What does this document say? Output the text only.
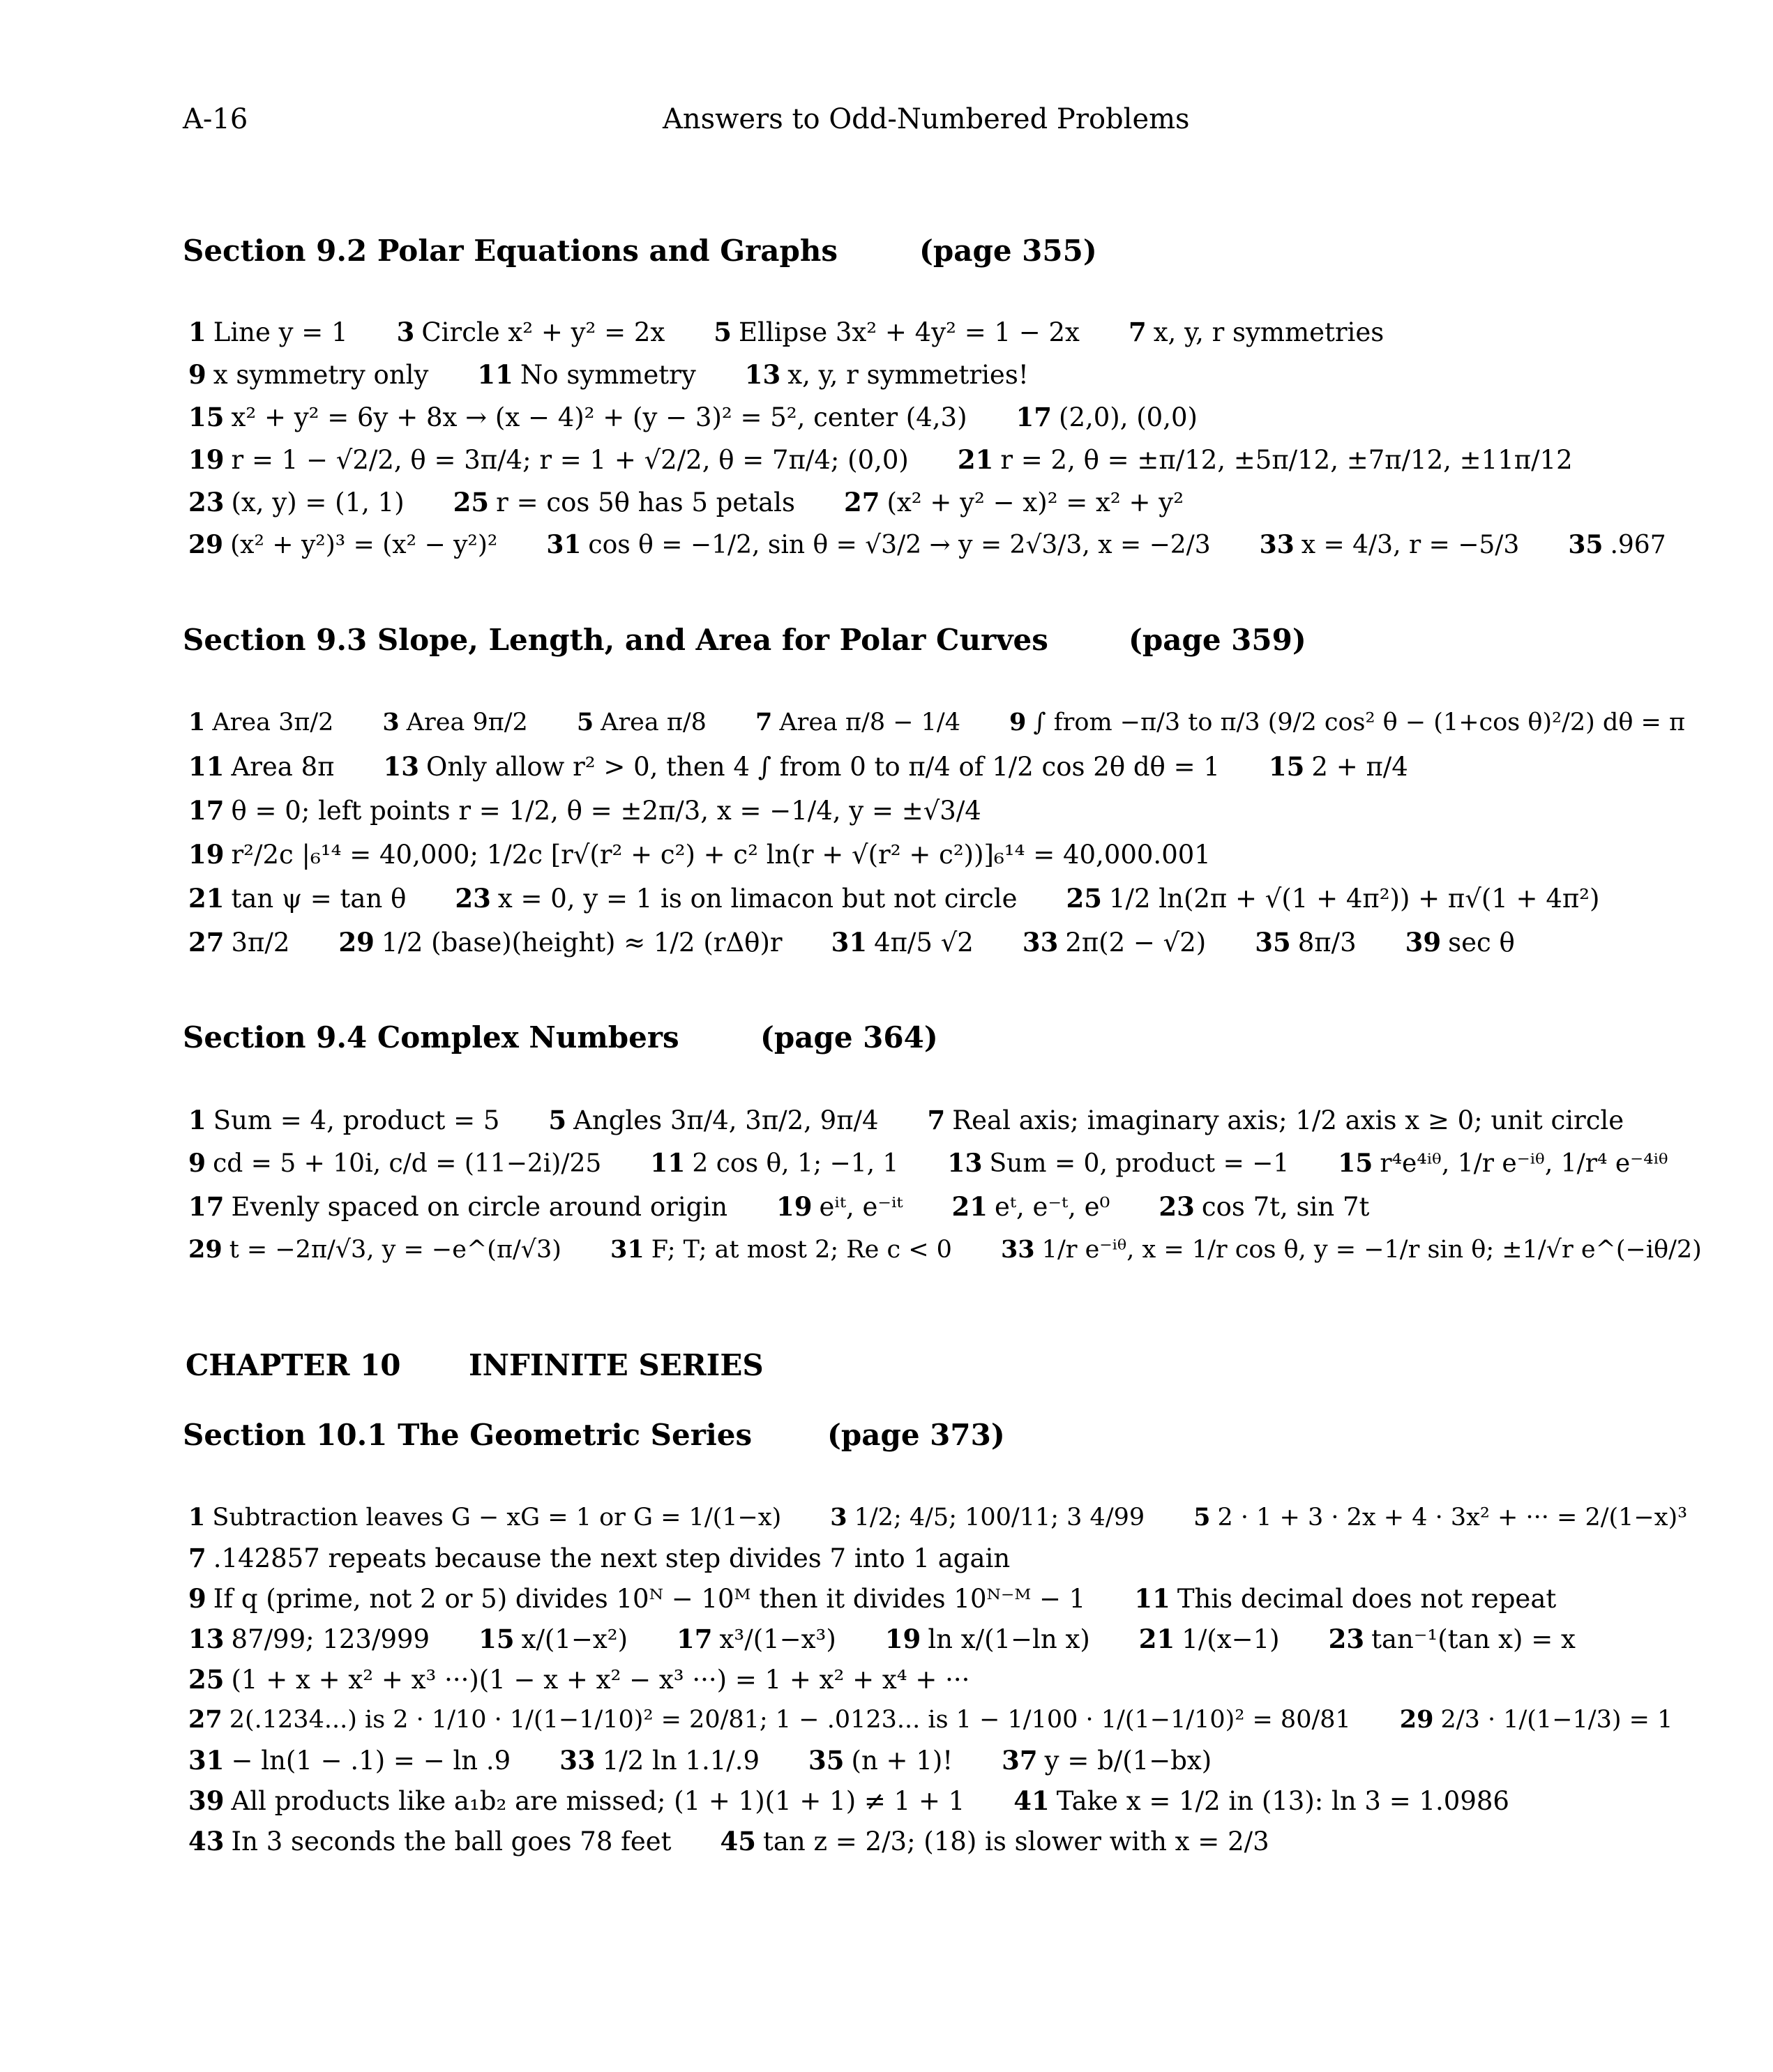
A-16	Answers to Odd-Numbered Problems
Section 9.2 Polar Equations and Graphs	(page 355)
1 Line y = 1 3 Circle x² + y² = 2x 5 Ellipse 3x² + 4y² = 1 − 2x 7 x, y, r symmetries
9 x symmetry only 11 No symmetry 13 x, y, r symmetries!
15 x² + y² = 6y + 8x → (x − 4)² + (y − 3)² = 5², center (4,3) 17 (2,0), (0,0)
19 r = 1 − √2/2, θ = 3π/4; r = 1 + √2/2, θ = 7π/4; (0,0) 21 r = 2, θ = ±π/12, ±5π/12, ±7π/12, ±11π/12
23 (x, y) = (1, 1) 25 r = cos 5θ has 5 petals 27 (x² + y² − x)² = x² + y²
29 (x² + y²)³ = (x² − y²)² 31 cos θ = −1/2, sin θ = √3/2 → y = 2√3/3, x = −2/3 33 x = 4/3, r = −5/3 35 .967
Section 9.3 Slope, Length, and Area for Polar Curves	(page 359)
1 Area 3π/2 3 Area 9π/2 5 Area π/8 7 Area π/8 − 1/4 9 ∫ from −π/3 to π/3 (9/2 cos² θ − (1+cos θ)²/2) dθ = π
11 Area 8π 13 Only allow r² > 0, then 4 ∫ from 0 to π/4 of 1/2 cos 2θ dθ = 1 15 2 + π/4
17 θ = 0; left points r = 1/2, θ = ±2π/3, x = −1/4, y = ±√3/4
19 r²/2c |₆¹⁴ = 40,000; 1/2c [r√(r² + c²) + c² ln(r + √(r² + c²))]₆¹⁴ = 40,000.001
21 tan ψ = tan θ 23 x = 0, y = 1 is on limacon but not circle 25 1/2 ln(2π + √(1 + 4π²)) + π√(1 + 4π²)
27 3π/2 29 1/2 (base)(height) ≈ 1/2 (rΔθ)r 31 4π/5 √2 33 2π(2 − √2) 35 8π/3 39 sec θ
Section 9.4 Complex Numbers	(page 364)
1 Sum = 4, product = 5 5 Angles 3π/4, 3π/2, 9π/4 7 Real axis; imaginary axis; 1/2 axis x ≥ 0; unit circle
9 cd = 5 + 10i, c/d = (11−2i)/25 11 2 cos θ, 1; −1, 1 13 Sum = 0, product = −1 15 r⁴e⁴ⁱᶿ, 1/r e⁻ⁱᶿ, 1/r⁴ e⁻⁴ⁱᶿ
17 Evenly spaced on circle around origin 19 eⁱᵗ, e⁻ⁱᵗ 21 eᵗ, e⁻ᵗ, e⁰ 23 cos 7t, sin 7t
29 t = −2π/√3, y = −e^(π/√3) 31 F; T; at most 2; Re c < 0 33 1/r e⁻ⁱᶿ, x = 1/r cos θ, y = −1/r sin θ; ±1/√r e^(−iθ/2)
CHAPTER 10 INFINITE SERIES
Section 10.1 The Geometric Series	(page 373)
1 Subtraction leaves G − xG = 1 or G = 1/(1−x) 3 1/2; 4/5; 100/11; 3 4/99 5 2 · 1 + 3 · 2x + 4 · 3x² + ··· = 2/(1−x)³
7 .142857 repeats because the next step divides 7 into 1 again
9 If q (prime, not 2 or 5) divides 10ᴺ − 10ᴹ then it divides 10ᴺ⁻ᴹ − 1 11 This decimal does not repeat
13 87/99; 123/999 15 x/(1−x²) 17 x³/(1−x³) 19 ln x/(1−ln x) 21 1/(x−1) 23 tan⁻¹(tan x) = x
25 (1 + x + x² + x³ ···)(1 − x + x² − x³ ···) = 1 + x² + x⁴ + ···
27 2(.1234...) is 2 · 1/10 · 1/(1−1/10)² = 20/81; 1 − .0123... is 1 − 1/100 · 1/(1−1/10)² = 80/81 29 2/3 · 1/(1−1/3) = 1
31 − ln(1 − .1) = − ln .9 33 1/2 ln 1.1/.9 35 (n + 1)! 37 y = b/(1−bx)
39 All products like a₁b₂ are missed; (1 + 1)(1 + 1) ≠ 1 + 1 41 Take x = 1/2 in (13): ln 3 = 1.0986
43 In 3 seconds the ball goes 78 feet 45 tan z = 2/3; (18) is slower with x = 2/3
